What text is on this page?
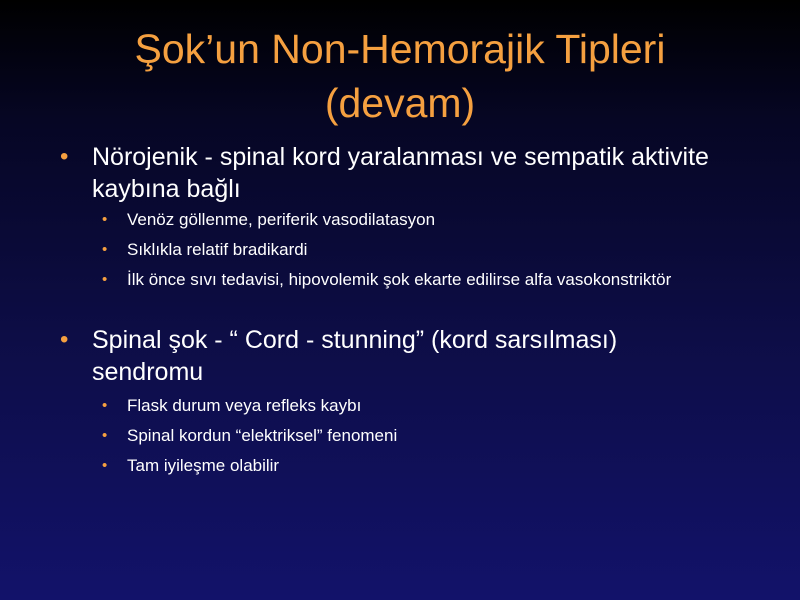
Şok’un Non-Hemorajik Tipleri
(devam)
• Nörojenik - spinal kord yaralanması ve sempatik aktivite kaybına bağlı
• Venöz göllenme, periferik vasodilatasyon
• Sıklıkla relatif bradikardi
• İlk önce sıvı tedavisi, hipovolemik şok ekarte edilirse alfa vasokonstriktör
• Spinal şok - “ Cord - stunning” (kord sarsılması) sendromu
• Flask durum veya refleks kaybı
• Spinal kordun “elektriksel” fenomeni
• Tam iyileşme olabilir
